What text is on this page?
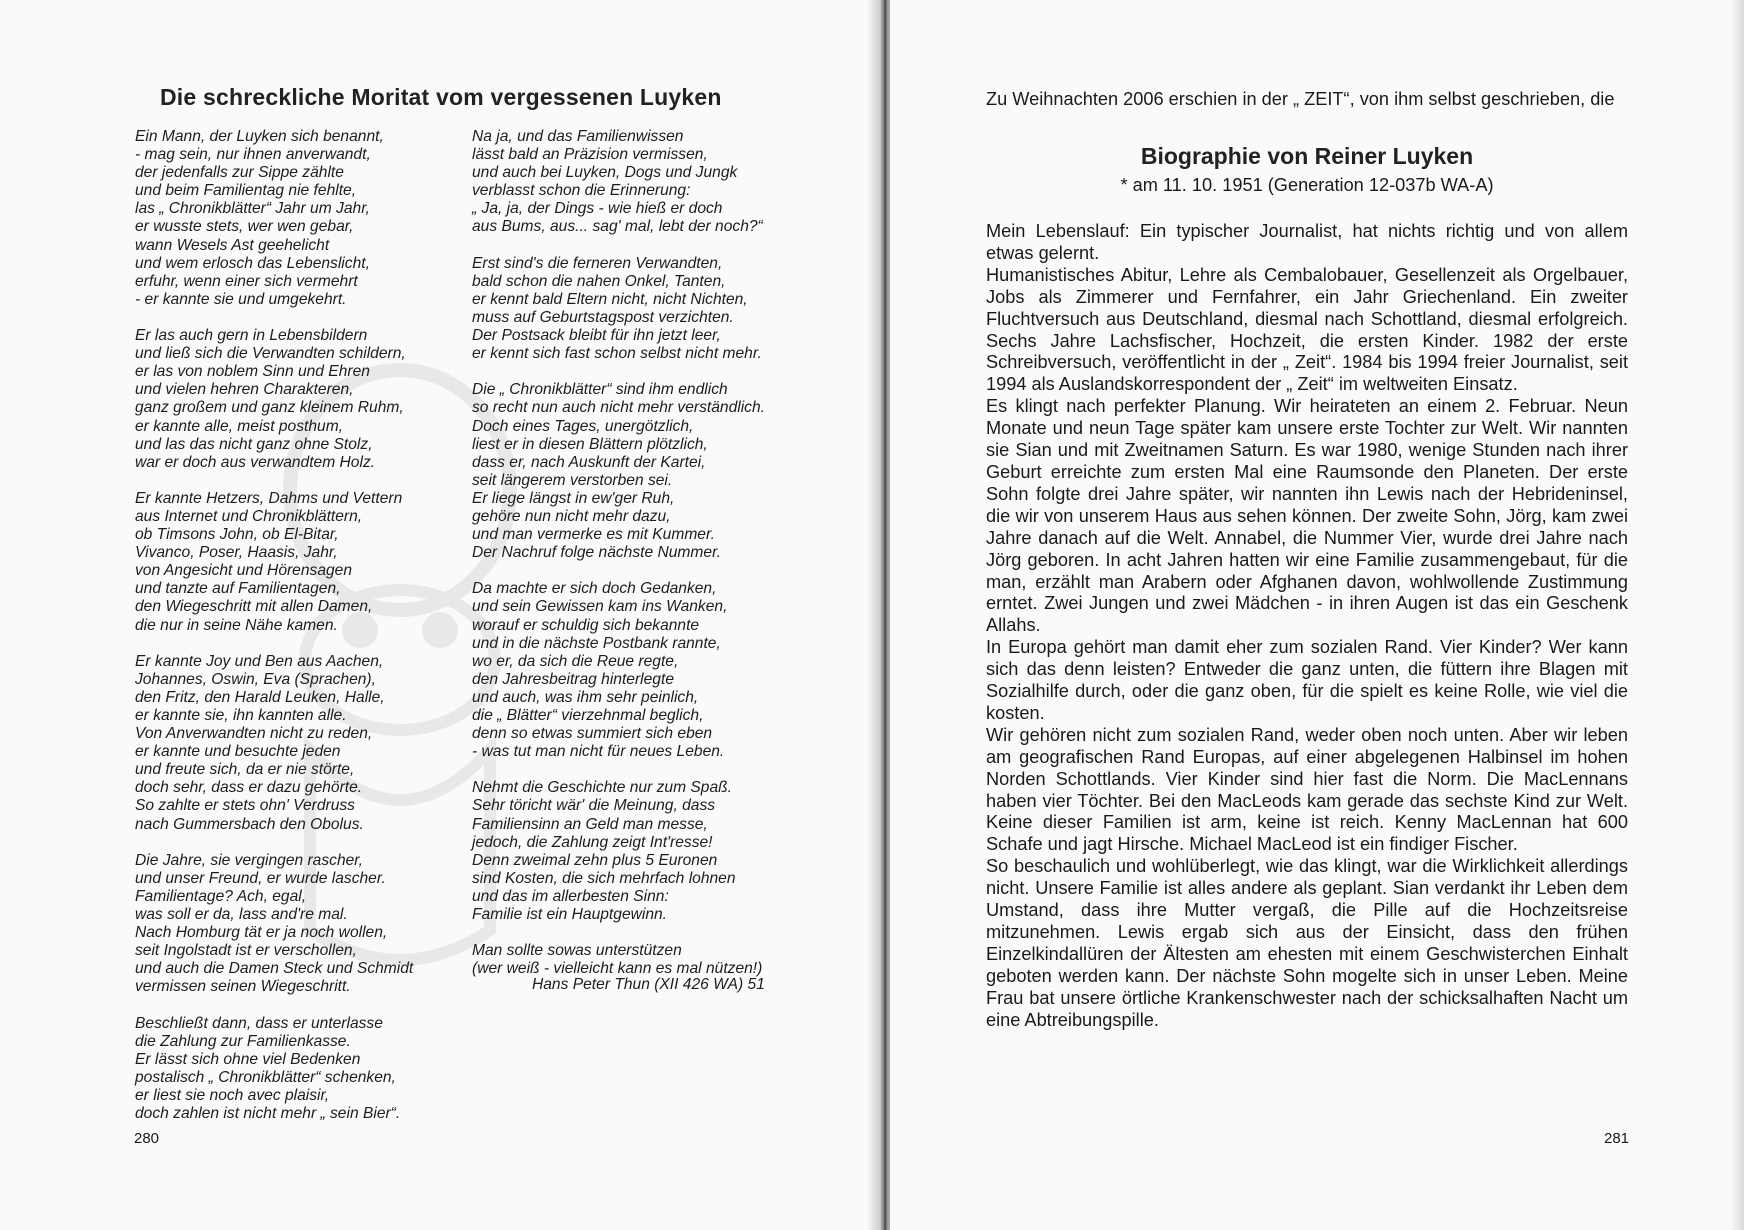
Die schreckliche Moritat vom vergessenen Luyken
Ein Mann, der Luyken sich benannt,
- mag sein, nur ihnen anverwandt,
der jedenfalls zur Sippe zählte
und beim Familientag nie fehlte,
las „ Chronikblätter“ Jahr um Jahr,
er wusste stets, wer wen gebar,
wann Wesels Ast geehelicht
und wem erlosch das Lebenslicht,
erfuhr, wenn einer sich vermehrt
- er kannte sie und umgekehrt.
Er las auch gern in Lebensbildern
und ließ sich die Verwandten schildern,
er las von noblem Sinn und Ehren
und vielen hehren Charakteren,
ganz großem und ganz kleinem Ruhm,
er kannte alle, meist posthum,
und las das nicht ganz ohne Stolz,
war er doch aus verwandtem Holz.
Er kannte Hetzers, Dahms und Vettern
aus Internet und Chronikblättern,
ob Timsons John, ob El-Bitar,
Vivanco, Poser, Haasis, Jahr,
von Angesicht und Hörensagen
und tanzte auf Familientagen,
den Wiegeschritt mit allen Damen,
die nur in seine Nähe kamen.
Er kannte Joy und Ben aus Aachen,
Johannes, Oswin, Eva (Sprachen),
den Fritz, den Harald Leuken, Halle,
er kannte sie, ihn kannten alle.
Von Anverwandten nicht zu reden,
er kannte und besuchte jeden
und freute sich, da er nie störte,
doch sehr, dass er dazu gehörte.
So zahlte er stets ohn' Verdruss
nach Gummersbach den Obolus.
Die Jahre, sie vergingen rascher,
und unser Freund, er wurde lascher.
Familientage? Ach, egal,
was soll er da, lass and're mal.
Nach Homburg tät er ja noch wollen,
seit Ingolstadt ist er verschollen,
und auch die Damen Steck und Schmidt
vermissen seinen Wiegeschritt.
Beschließt dann, dass er unterlasse
die Zahlung zur Familienkasse.
Er lässt sich ohne viel Bedenken
postalisch „ Chronikblätter“ schenken,
er liest sie noch avec plaisir,
doch zahlen ist nicht mehr „ sein Bier“.
Na ja, und das Familienwissen
lässt bald an Präzision vermissen,
und auch bei Luyken, Dogs und Jungk
verblasst schon die Erinnerung:
„ Ja, ja, der Dings - wie hieß er doch
aus Bums, aus... sag' mal, lebt der noch?“
Erst sind's die ferneren Verwandten,
bald schon die nahen Onkel, Tanten,
er kennt bald Eltern nicht, nicht Nichten,
muss auf Geburtstagspost verzichten.
Der Postsack bleibt für ihn jetzt leer,
er kennt sich fast schon selbst nicht mehr.
Die „ Chronikblätter“ sind ihm endlich
so recht nun auch nicht mehr verständlich.
Doch eines Tages, unergötzlich,
liest er in diesen Blättern plötzlich,
dass er, nach Auskunft der Kartei,
seit längerem verstorben sei.
Er liege längst in ew'ger Ruh,
gehöre nun nicht mehr dazu,
und man vermerke es mit Kummer.
Der Nachruf folge nächste Nummer.
Da machte er sich doch Gedanken,
und sein Gewissen kam ins Wanken,
worauf er schuldig sich bekannte
und in die nächste Postbank rannte,
wo er, da sich die Reue regte,
den Jahresbeitrag hinterlegte
und auch, was ihm sehr peinlich,
die „ Blätter“ vierzehnmal beglich,
denn so etwas summiert sich eben
- was tut man nicht für neues Leben.
Nehmt die Geschichte nur zum Spaß.
Sehr töricht wär' die Meinung, dass
Familiensinn an Geld man messe,
jedoch, die Zahlung zeigt Int'resse!
Denn zweimal zehn plus 5 Euronen
sind Kosten, die sich mehrfach lohnen
und das im allerbesten Sinn:
Familie ist ein Hauptgewinn.
Man sollte sowas unterstützen
(wer weiß - vielleicht kann es mal nützen!)
Hans Peter Thun (XII 426 WA) 51
280
Zu Weihnachten 2006 erschien in der „ ZEIT“, von ihm selbst geschrieben, die
Biographie von Reiner Luyken
* am 11. 10. 1951 (Generation 12-037b WA-A)

Mein Lebenslauf: Ein typischer Journalist, hat nichts richtig und von allem etwas gelernt.

Humanistisches Abitur, Lehre als Cembalobauer, Gesellenzeit als Orgelbauer, Jobs als Zimmerer und Fernfahrer, ein Jahr Griechenland. Ein zweiter Fluchtversuch aus Deutschland, diesmal nach Schottland, diesmal erfolgreich. Sechs Jahre Lachsfischer, Hochzeit, die ersten Kinder. 1982 der erste Schreibversuch, veröffentlicht in der „ Zeit“. 1984 bis 1994 freier Journalist, seit 1994 als Auslandskorrespondent der „ Zeit“ im weltweiten Einsatz.

Es klingt nach perfekter Planung. Wir heirateten an einem 2. Februar. Neun Monate und neun Tage später kam unsere erste Tochter zur Welt. Wir nannten sie Sian und mit Zweitnamen Saturn. Es war 1980, wenige Stunden nach ihrer Geburt erreichte zum ersten Mal eine Raumsonde den Planeten. Der erste Sohn folgte drei Jahre später, wir nannten ihn Lewis nach der Hebrideninsel, die wir von unserem Haus aus sehen können. Der zweite Sohn, Jörg, kam zwei Jahre danach auf die Welt. Annabel, die Nummer Vier, wurde drei Jahre nach Jörg geboren. In acht Jahren hatten wir eine Familie zusammengebaut, für die man, erzählt man Arabern oder Afghanen davon, wohlwollende Zustimmung erntet. Zwei Jungen und zwei Mädchen - in ihren Augen ist das ein Geschenk Allahs.

In Europa gehört man damit eher zum sozialen Rand. Vier Kinder? Wer kann sich das denn leisten? Entweder die ganz unten, die füttern ihre Blagen mit Sozialhilfe durch, oder die ganz oben, für die spielt es keine Rolle, wie viel die kosten.

Wir gehören nicht zum sozialen Rand, weder oben noch unten. Aber wir leben am geografischen Rand Europas, auf einer abgelegenen Halbinsel im hohen Norden Schottlands. Vier Kinder sind hier fast die Norm. Die MacLennans haben vier Töchter. Bei den MacLeods kam gerade das sechste Kind zur Welt. Keine dieser Familien ist arm, keine ist reich. Kenny MacLennan hat 600 Schafe und jagt Hirsche. Michael MacLeod ist ein findiger Fischer.

So beschaulich und wohlüberlegt, wie das klingt, war die Wirklichkeit allerdings nicht. Unsere Familie ist alles andere als geplant. Sian verdankt ihr Leben dem Umstand, dass ihre Mutter vergaß, die Pille auf die Hochzeitsreise mitzunehmen. Lewis ergab sich aus der Einsicht, dass den frühen Einzelkindallüren der Ältesten am ehesten mit einem Geschwisterchen Einhalt geboten werden kann. Der nächste Sohn mogelte sich in unser Leben. Meine Frau bat unsere örtliche Krankenschwester nach der schicksalhaften Nacht um eine Abtreibungspille.

281
